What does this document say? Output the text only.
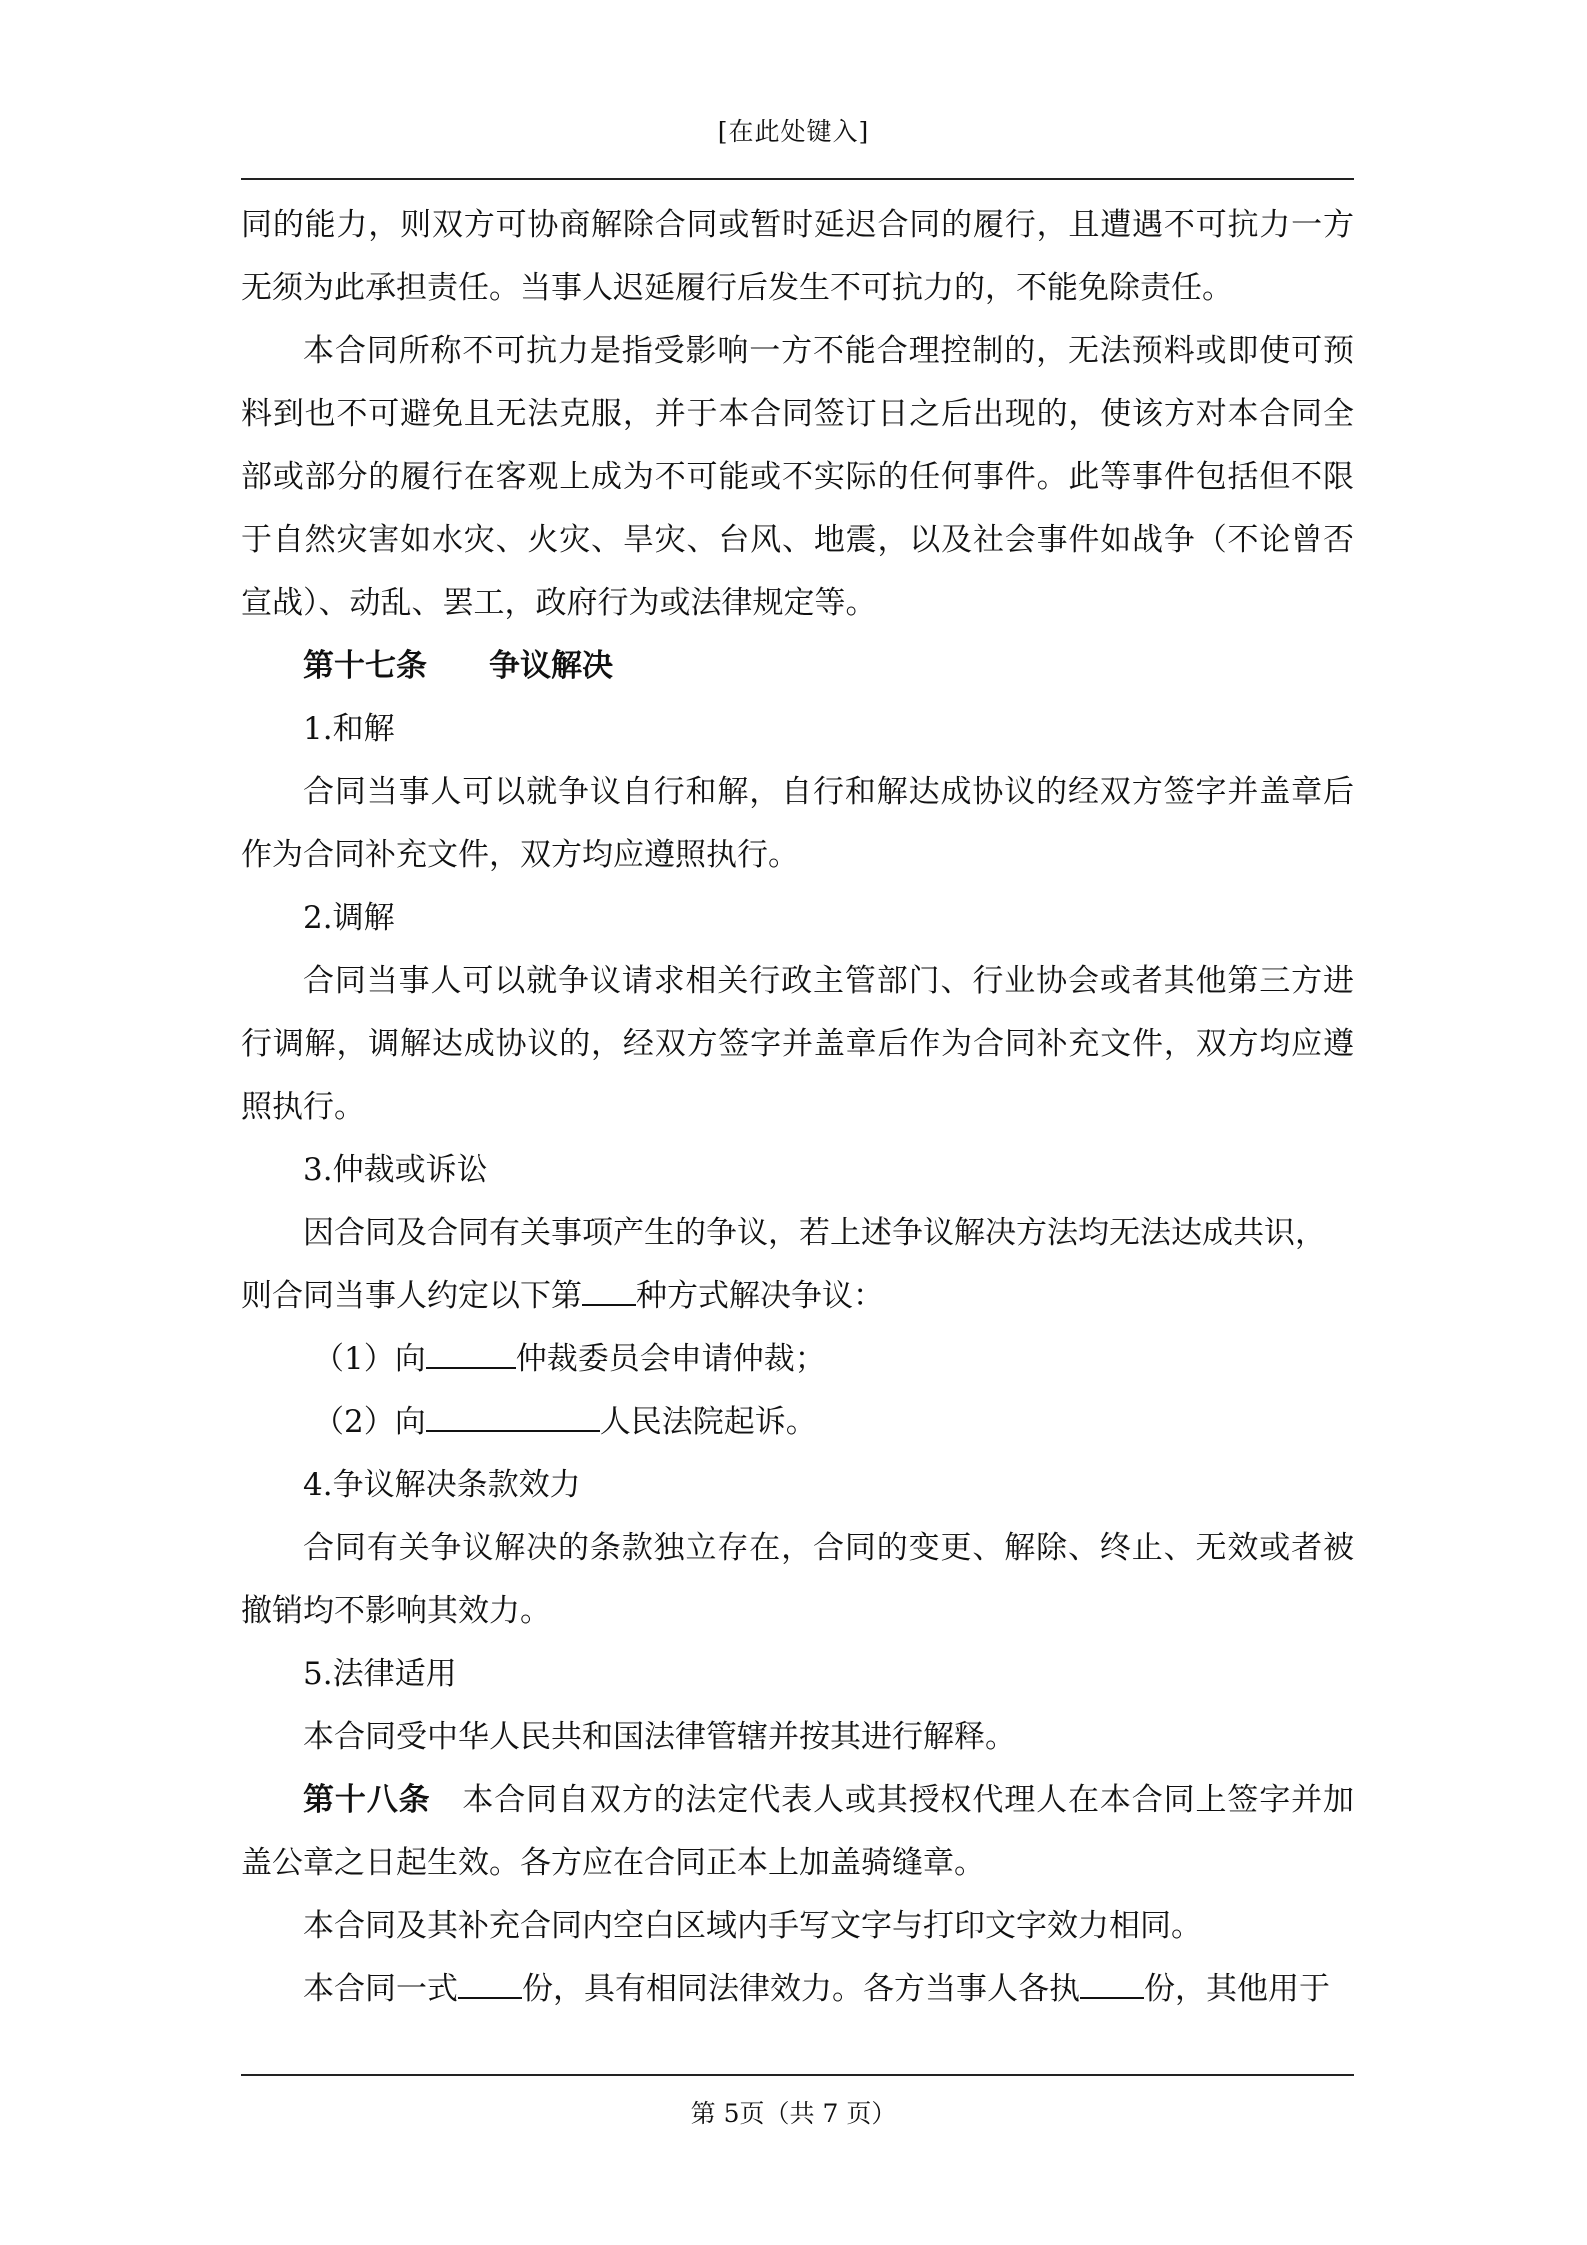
[在此处键入]

同的能力，则双方可协商解除合同或暂时延迟合同的履行，且遭遇不可抗力一方无须为此承担责任。当事人迟延履行后发生不可抗力的，不能免除责任。

本合同所称不可抗力是指受影响一方不能合理控制的，无法预料或即使可预料到也不可避免且无法克服，并于本合同签订日之后出现的，使该方对本合同全部或部分的履行在客观上成为不可能或不实际的任何事件。此等事件包括但不限于自然灾害如水灾、火灾、旱灾、台风、地震，以及社会事件如战争（不论曾否宣战）、动乱、罢工，政府行为或法律规定等。

第十七条 争议解决

1.和解

合同当事人可以就争议自行和解，自行和解达成协议的经双方签字并盖章后作为合同补充文件，双方均应遵照执行。

2.调解

合同当事人可以就争议请求相关行政主管部门、行业协会或者其他第三方进行调解，调解达成协议的，经双方签字并盖章后作为合同补充文件，双方均应遵照执行。

3.仲裁或诉讼

因合同及合同有关事项产生的争议，若上述争议解决方法均无法达成共识，

则合同当事人约定以下第 种方式解决争议：

（1）向	仲裁委员会申请仲裁；

（2）向	人民法院起诉。

4.争议解决条款效力

合同有关争议解决的条款独立存在，合同的变更、解除、终止、无效或者被撤销均不影响其效力。

5.法律适用

本合同受中华人民共和国法律管辖并按其进行解释。

第十八条 本合同自双方的法定代表人或其授权代理人在本合同上签字并加盖公章之日起生效。各方应在合同正本上加盖骑缝章。

本合同及其补充合同内空白区域内手写文字与打印文字效力相同。

本合同一式 份，具有相同法律效力。各方当事人各执 份，其他用于

第 5页（共 7 页）
